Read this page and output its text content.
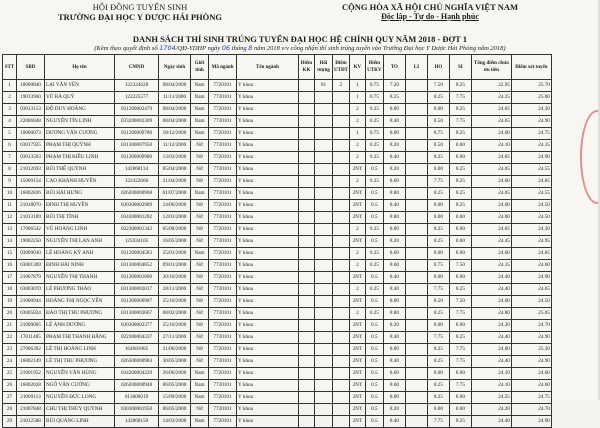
HỘI ĐỒNG TUYỂN SINH
TRƯỜNG ĐẠI HỌC Y DƯỢC HẢI PHÒNG
CỘNG HÒA XÃ HỘI CHỦ NGHĨA VIỆT NAM
Độc lập - Tự do - Hạnh phúc
DANH SÁCH THÍ SINH TRÚNG TUYỂN ĐẠI HỌC HỆ CHÍNH QUY NĂM 2018 - ĐỢT 1
(Kèm theo quyết định số 1704/QĐ-YDHP ngày 06 tháng 8 năm 2018 v/v công nhận thí sinh trúng tuyển vào Trường Đại học Y Dược Hải Phòng năm 2018)
STT	SBD	Họ tên	CMND	Ngày sinh	Giới tính	Mã ngành	Tên ngành	Điểm KK	Đối tượng	Điểm UTĐT	KV	Điểm UTKV	TO	LI	HO	SI	Tổng điểm chưa ưu tiên	Điểm xét tuyển
1	18000840	LẠI VĂN YÊN	122324628	08/04/2000	Nam	7720101	Y khoa		01	2	1	0.75	7.20		7.50	8.25	22.95	25.70
2	19013960	VŨ BÁ QUÝ	122225577	11/11/2000	Nam	7720101	Y khoa				1	0.75	8.25		8.25	7.75	24.25	25.00
3	03013153	ĐỖ DUY HOÀNG	031200002479	08/04/2000	Nam	7720101	Y khoa				2	0.25	8.80		8.00	8.25	24.05	24.30
4	22006848	NGUYỄN TÍN LINH	033200002309	08/04/2000	Nam	7720101	Y khoa				2	0.25	8.40		8.50	7.75	24.65	24.90
5	10000073	DƯƠNG VĂN CƯƠNG	031200009780	18/12/2000	Nam	7720101	Y khoa				1	0.75	8.00		8.75	8.25	24.00	24.75
6	03017925	PHẠM THỊ QUỲNH	031300007950	11/12/2000	Nữ	7720101	Y khoa				2	0.25	8.20		8.50	8.00	24.10	24.35
7	03013503	PHẠM THỊ KIỀU LINH	031300009980	13/03/2000	Nữ	7720101	Y khoa				2	0.25	8.40		8.25	8.00	24.65	24.90
8	21012693	BÙI THẾ QUỲNH	142868134	05/04/2000	Nữ	7720101	Y khoa				2NT	0.5	8.20		8.00	8.25	24.05	24.55
9	15009154	CAO KHÁNH HUYỀN	122422666	21/04/2000	Nữ	7720101	Y khoa				2	0.25	8.60		7.75	8.25	24.60	24.85
10	16002826	BÙI HẢI HƯNG	026200000968	01/07/2000	Nam	7720101	Y khoa				2NT	0.5	8.80		8.25	8.25	24.05	24.55
11	21018070	ĐINH THỊ HUYỀN	030300002989	24/06/2000	Nữ	7720101	Y khoa				2NT	0.5	8.40		8.00	8.25	24.00	24.50
12	21013189	BÙI THỊ TÌNH	034300001282	12/03/2000	Nữ	7720101	Y khoa				2NT	0.5	8.80		8.00	8.00	24.00	24.50
13	17006542	VŨ HOÀNG LINH	022300001342	05/08/2000	Nữ	7720101	Y khoa				2	0.25	8.80		8.25	8.00	24.05	24.30
14	19002250	NGUYỄN THỊ LAN ANH	125934105	16/05/2000	Nữ	7720101	Y khoa				2NT	0.5	8.20		8.25	8.00	24.45	24.95
15	03009030	LÊ HOÀNG KỲ ANH	031200004583	25/01/2000	Nam	7720101	Y khoa				2	0.25	8.60		8.00	8.00	24.60	24.85
16	03001369	ĐINH HẢI NINH	031300004852	09/01/2000	Nữ	7720101	Y khoa				2	0.25	8.60		8.75	7.50	24.35	24.60
17	21007879	NGUYỄN THỊ THANH	031300001800	20/10/2000	Nữ	7720101	Y khoa				2NT	0.5	8.40		8.00	8.00	24.40	24.90
18	03003070	LÊ PHƯƠNG THẢO	031300002017	28/11/2000	Nữ	7720101	Y khoa				2	0.25	8.40		7.75	8.25	24.40	24.65
19	21000944	HOÀNG THỊ NGỌC YẾN	031300000987	25/10/2000	Nữ	7720101	Y khoa				2NT	0.5	8.00		8.50	7.50	24.00	24.50
20	03005824	ĐÀO THỊ THU PHƯƠNG	031300003667	08/02/2000	Nữ	7720101	Y khoa				2	0.25	8.80		8.25	7.75	24.80	25.05
21	21009005	LÊ ÁNH DƯƠNG	030300002377	25/10/2000	Nữ	7720101	Y khoa				2NT	0.5	8.20		8.00	8.00	24.20	24.70
22	17011485	PHẠM THỊ THANH HẰNG	022300004337	27/11/2000	Nữ	7720101	Y khoa				2NT	0.5	8.40		7.75	8.25	24.40	24.90
23	27006392	LÊ THỊ HOÀNG LINH	164681005	21/06/2000	Nữ	7720101	Y khoa				2NT	0.5	8.80		8.25	7.75	24.80	25.30
24	16002149	LÊ THỊ THU PHƯƠNG	026300000983	30/05/2000	Nữ	7720101	Y khoa				2NT	0.5	8.40		8.25	7.75	24.40	24.90
25	21001952	NGUYỄN VĂN HÙNG	034200004229	26/06/2000	Nam	7720101	Y khoa				2NT	0.5	8.60		8.00	8.00	24.10	24.60
26	16002028	NGÔ VĂN CƯỜNG	026200000948	06/05/2000	Nam	7720101	Y khoa				2NT	0.5	8.60		8.25	7.75	24.10	24.60
27	21009113	NGUYỄN ĐỨC LONG	013600019	15/09/2000	Nam	7720101	Y khoa				2NT	0.5	8.00		8.25	8.00	24.25	24.75
28	21007848	CHU THỊ THÙY QUỲNH	030300001950	06/05/2000	Nữ	7720101	Y khoa				2NT	0.5	8.20		8.00	8.00	24.20	24.70
29	21012588	BÙI QUANG LINH	142868150	14/03/2000	Nam	7720101	Y khoa				2NT	0.5	8.40		7.75	8.25	24.40	24.90
